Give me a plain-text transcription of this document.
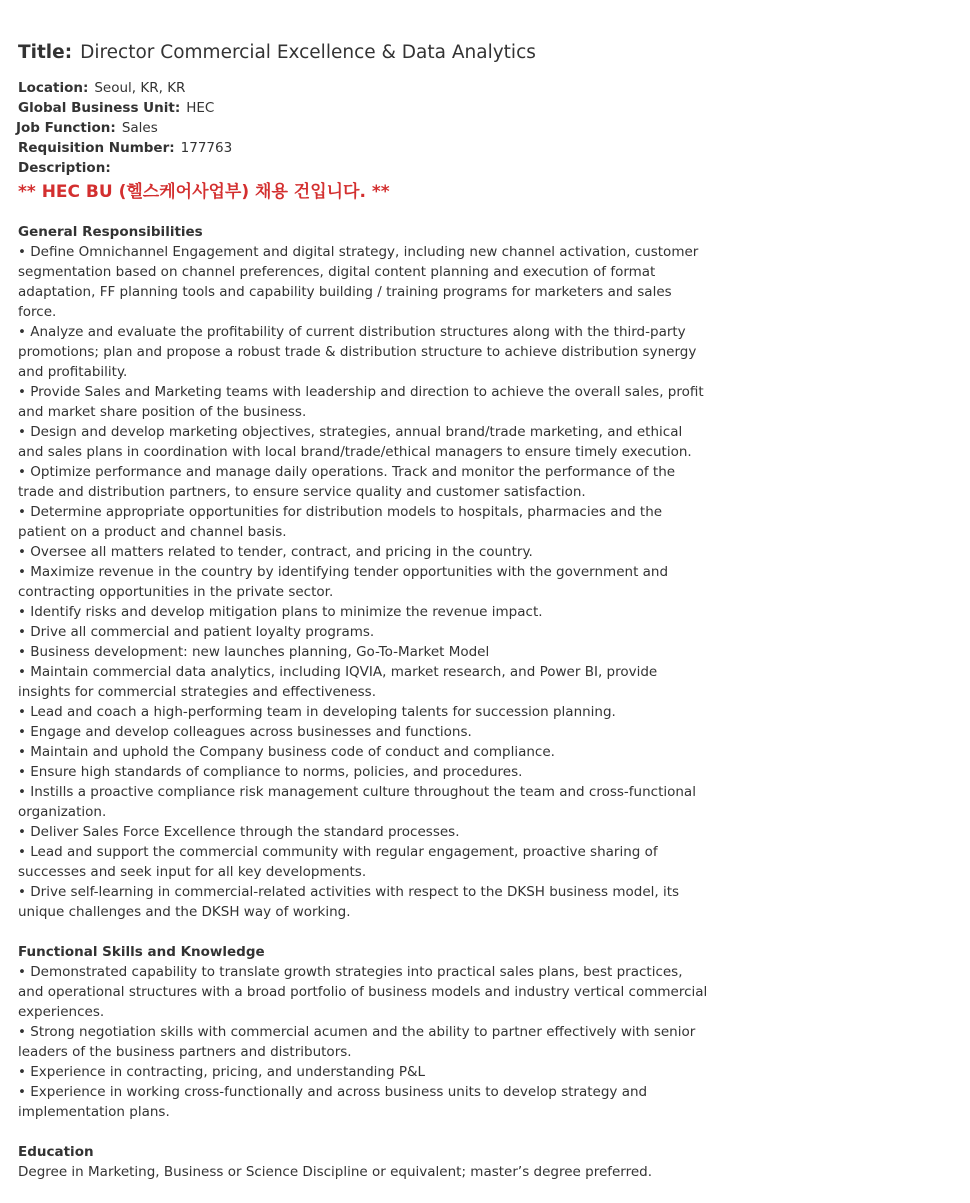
Title: Director Commercial Excellence & Data Analytics
Location: Seoul, KR, KR
Global Business Unit: HEC
Job Function: Sales
Requisition Number: 177763
Description:
** HEC BU (헬스케어사업부) 채용 건입니다. **
General Responsibilities

• Define Omnichannel Engagement and digital strategy, including new channel activation, customer segmentation based on channel preferences, digital content planning and execution of format adaptation, FF planning tools and capability building / training programs for marketers and sales force.

• Analyze and evaluate the profitability of current distribution structures along with the third-party promotions; plan and propose a robust trade & distribution structure to achieve distribution synergy and profitability.

• Provide Sales and Marketing teams with leadership and direction to achieve the overall sales, profit and market share position of the business.

• Design and develop marketing objectives, strategies, annual brand/trade marketing, and ethical and sales plans in coordination with local brand/trade/ethical managers to ensure timely execution.

• Optimize performance and manage daily operations. Track and monitor the performance of the trade and distribution partners, to ensure service quality and customer satisfaction.

• Determine appropriate opportunities for distribution models to hospitals, pharmacies and the patient on a product and channel basis.

• Oversee all matters related to tender, contract, and pricing in the country.

• Maximize revenue in the country by identifying tender opportunities with the government and contracting opportunities in the private sector.

• Identify risks and develop mitigation plans to minimize the revenue impact.

• Drive all commercial and patient loyalty programs.

• Business development: new launches planning, Go-To-Market Model

• Maintain commercial data analytics, including IQVIA, market research, and Power BI, provide insights for commercial strategies and effectiveness.

• Lead and coach a high-performing team in developing talents for succession planning.

• Engage and develop colleagues across businesses and functions.

• Maintain and uphold the Company business code of conduct and compliance.

• Ensure high standards of compliance to norms, policies, and procedures.

• Instills a proactive compliance risk management culture throughout the team and cross-functional organization.

• Deliver Sales Force Excellence through the standard processes.

• Lead and support the commercial community with regular engagement, proactive sharing of successes and seek input for all key developments.

• Drive self-learning in commercial-related activities with respect to the DKSH business model, its unique challenges and the DKSH way of working.

Functional Skills and Knowledge

• Demonstrated capability to translate growth strategies into practical sales plans, best practices, and operational structures with a broad portfolio of business models and industry vertical commercial experiences.

• Strong negotiation skills with commercial acumen and the ability to partner effectively with senior leaders of the business partners and distributors.

• Experience in contracting, pricing, and understanding P&L

• Experience in working cross-functionally and across business units to develop strategy and implementation plans.

Education
Degree in Marketing, Business or Science Discipline or equivalent; master’s degree preferred.
